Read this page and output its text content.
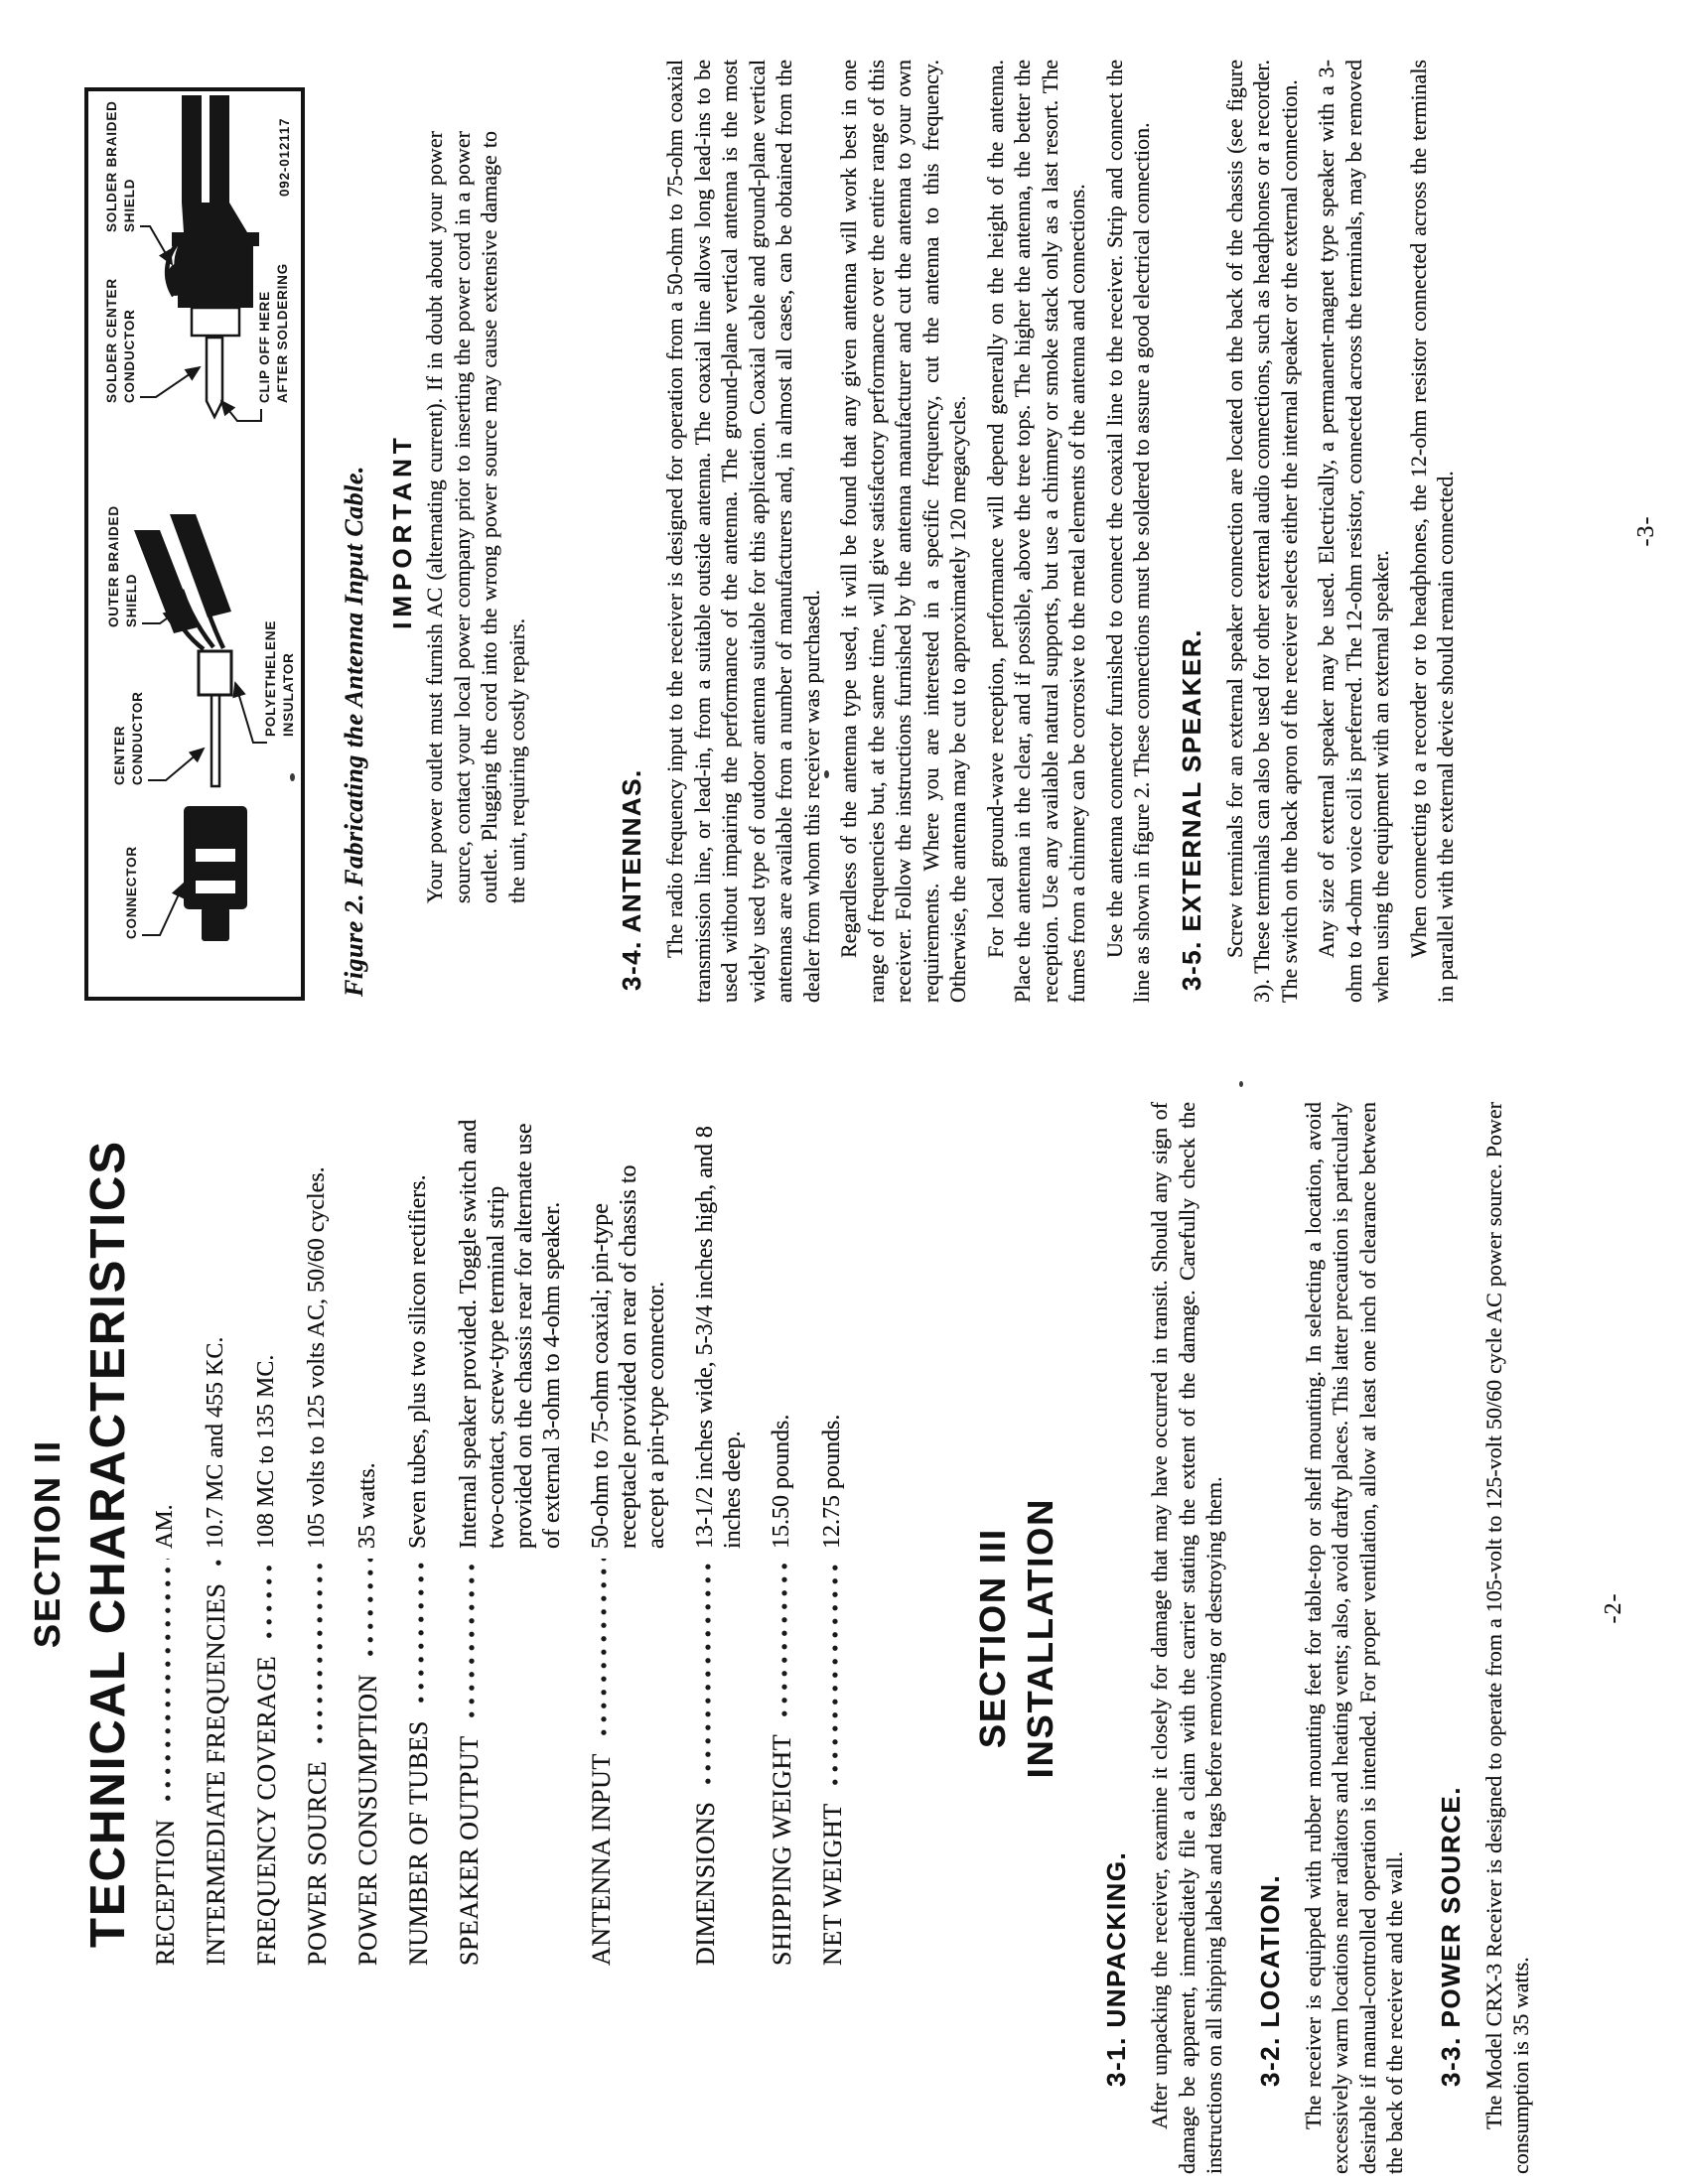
SECTION II TECHNICAL CHARACTERISTICS RECEPTION
AM.
INTERMEDIATE FREQUENCIES
10.7 MC and 455 KC.
FREQUENCY COVERAGE
108 MC to 135 MC.
POWER SOURCE
105 volts to 125 volts AC, 50/60 cycles.
POWER CONSUMPTION
35 watts.
NUMBER OF TUBES
Seven tubes, plus two silicon rectifiers.
SPEAKER OUTPUT
Internal speaker provided. Toggle switch and two-contact, screw-type terminal strip provided on the chassis rear for alternate use of external 3-ohm to 4-ohm speaker.
ANTENNA INPUT
50-ohm to 75-ohm coaxial; pin-type receptacle provided on rear of chassis to accept a pin-type connector.
DIMENSIONS
13-1/2 inches wide, 5-3/4 inches high, and 8 inches deep.
SHIPPING WEIGHT
15.50 pounds.
NET WEIGHT
12.75 pounds.
SECTION III INSTALLATION
3-1. UNPACKING. After unpacking the receiver, examine it closely for damage that may have occurred in transit. Should any sign of damage be apparent, immediately file a claim with the carrier stating the extent of the damage. Carefully check the instructions on all shipping labels and tags before removing or destroying them. 3-2. LOCATION. The receiver is equipped with rubber mounting feet for table-top or shelf mounting. In selecting a location, avoid excessively warm locations near radiators and heating vents; also, avoid drafty places. This latter precaution is particularly desirable if manual-controlled operation is intended. For proper ventilation, allow at least one inch of clearance between the back of the receiver and the wall. 3-3. POWER SOURCE. The Model CRX-3 Receiver is designed to operate from a 105-volt to 125-volt 50/60 cycle AC power source. Power consumption is 35 watts.
-2-
CONNECTOR
CENTER CONDUCTOR
OUTER BRAIDED SHIELD
POLYETHELENE INSULATOR
SOLDER CENTER CONDUCTOR
SOLDER BRAIDED SHIELD
CLIP OFF HERE AFTER SOLDERING
092-012117
Figure 2. Fabricating the Antenna Input Cable. IMPORTANT Your power outlet must furnish AC (alternating current). If in doubt about your power source, contact your local power company prior to inserting the power cord in a power outlet. Plugging the cord into the wrong power source may cause extensive damage to the unit, requiring costly repairs.	3-4. ANTENNAS. The radio frequency input to the receiver is designed for operation from a 50-ohm to 75-ohm coaxial transmission line, or lead-in, from a suitable outside antenna. The coaxial line allows long lead-ins to be used without impairing the performance of the antenna. The ground-plane vertical antenna is the most widely used type of outdoor antenna suitable for this application. Coaxial cable and ground-plane vertical antennas are available from a number of manufacturers and, in almost all cases, can be obtained from the dealer from whom this receiver was purchased. Regardless of the antenna type used, it will be found that any given antenna will work best in one range of frequencies but, at the same time, will give satisfactory performance over the entire range of this receiver. Follow the instructions furnished by the antenna manufacturer and cut the antenna to your own requirements. Where you are interested in a specific frequency, cut the antenna to this frequency. Otherwise, the antenna may be cut to approximately 120 megacycles. For local ground-wave reception, performance will depend generally on the height of the antenna. Place the antenna in the clear, and if possible, above the tree tops. The higher the antenna, the better the reception. Use any available natural supports, but use a chimney or smoke stack only as a last resort. The fumes from a chimney can be corrosive to the metal elements of the antenna and connections. Use the antenna connector furnished to connect the coaxial line to the receiver. Strip and connect the line as shown in figure 2. These connections must be soldered to assure a good electrical connection. 3-5. EXTERNAL SPEAKER. Screw terminals for an external speaker connection are located on the back of the chassis (see figure 3). These terminals can also be used for other external audio connections, such as headphones or a recorder. The switch on the back apron of the receiver selects either the internal speaker or the external connection. Any size of external speaker may be used. Electrically, a permanent-magnet type speaker with a 3-ohm to 4-ohm voice coil is preferred. The 12-ohm resistor, connected across the terminals, may be removed when using the equipment with an external speaker. When connecting to a recorder or to headphones, the 12-ohm resistor connected across the terminals in parallel with the external device should remain connected.	-3-
